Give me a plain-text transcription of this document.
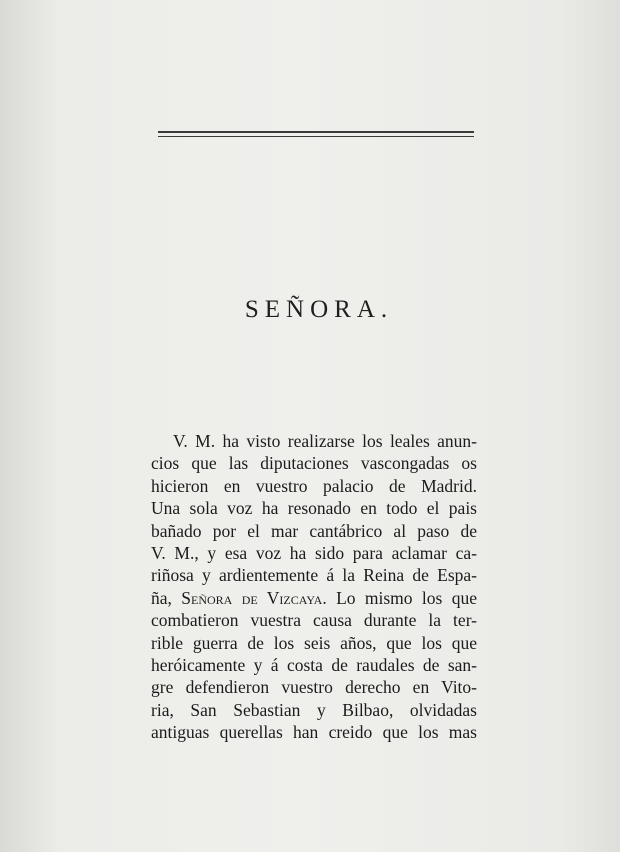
SEÑORA.

V. M. ha visto realizarse los leales anun-
cios que las diputaciones vascongadas os
hicieron en vuestro palacio de Madrid.
Una sola voz ha resonado en todo el pais
bañado por el mar cantábrico al paso de
V. M., y esa voz ha sido para aclamar ca-
riñosa y ardientemente á la Reina de Espa-
ña, Señora de Vizcaya. Lo mismo los que
combatieron vuestra causa durante la ter-
rible guerra de los seis años, que los que
heróicamente y á costa de raudales de san-
gre defendieron vuestro derecho en Vito-
ria, San Sebastian y Bilbao, olvidadas
antiguas querellas han creido que los mas
